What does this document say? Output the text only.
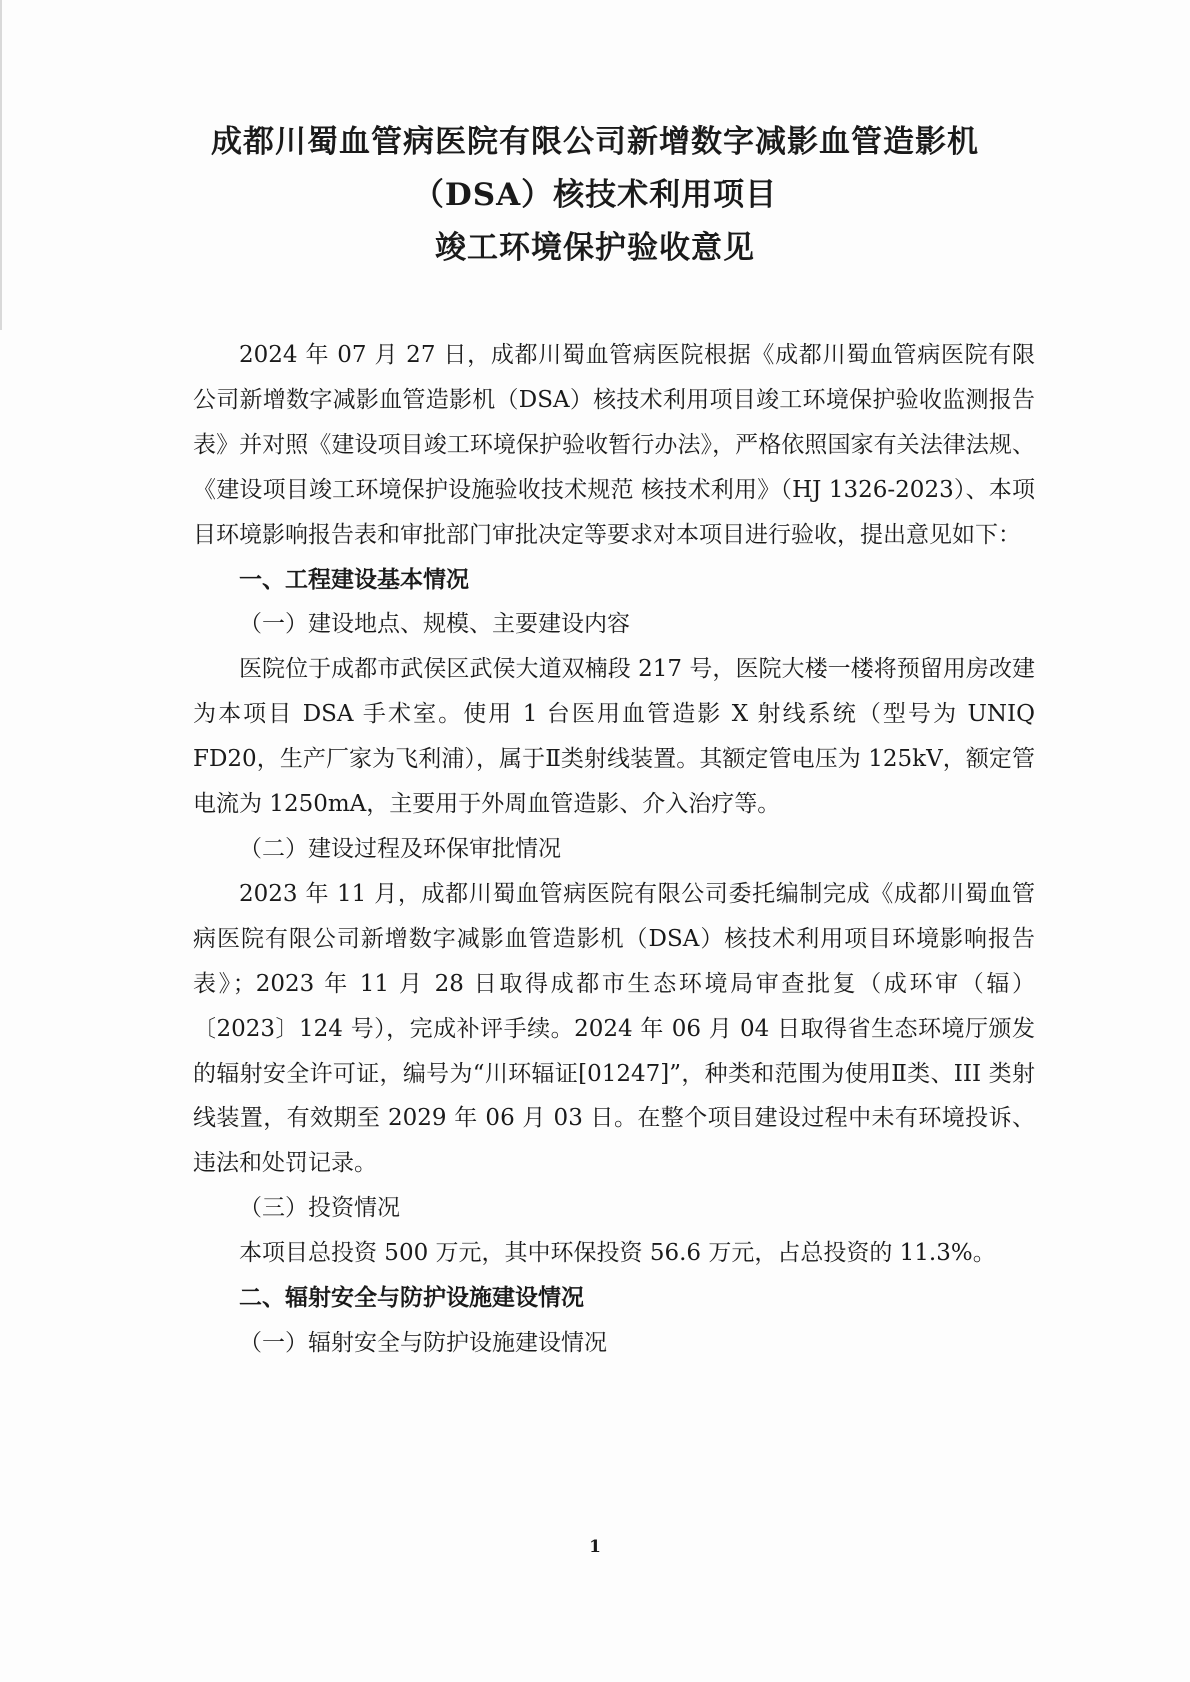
成都川蜀血管病医院有限公司新增数字减影血管造影机
（DSA）核技术利用项目
竣工环境保护验收意见

2024 年 07 月 27 日，成都川蜀血管病医院根据《成都川蜀血管病医院有限公司新增数字减影血管造影机（DSA）核技术利用项目竣工环境保护验收监测报告表》并对照《建设项目竣工环境保护验收暂行办法》，严格依照国家有关法律法规、《建设项目竣工环境保护设施验收技术规范 核技术利用》（HJ 1326-2023）、本项目环境影响报告表和审批部门审批决定等要求对本项目进行验收，提出意见如下：

一、工程建设基本情况

（一）建设地点、规模、主要建设内容

医院位于成都市武侯区武侯大道双楠段 217 号，医院大楼一楼将预留用房改建为本项目 DSA 手术室。使用 1 台医用血管造影 X 射线系统（型号为 UNIQ FD20，生产厂家为飞利浦），属于Ⅱ类射线装置。其额定管电压为 125kV，额定管电流为 1250mA，主要用于外周血管造影、介入治疗等。

（二）建设过程及环保审批情况

2023 年 11 月，成都川蜀血管病医院有限公司委托编制完成《成都川蜀血管病医院有限公司新增数字减影血管造影机（DSA）核技术利用项目环境影响报告表》；2023 年 11 月 28 日取得成都市生态环境局审查批复（成环审（辐）〔2023〕124 号），完成补评手续。2024 年 06 月 04 日取得省生态环境厅颁发的辐射安全许可证，编号为“川环辐证[01247]”，种类和范围为使用Ⅱ类、III 类射线装置，有效期至 2029 年 06 月 03 日。在整个项目建设过程中未有环境投诉、违法和处罚记录。

（三）投资情况

本项目总投资 500 万元，其中环保投资 56.6 万元，占总投资的 11.3%。

二、辐射安全与防护设施建设情况

（一）辐射安全与防护设施建设情况

1
